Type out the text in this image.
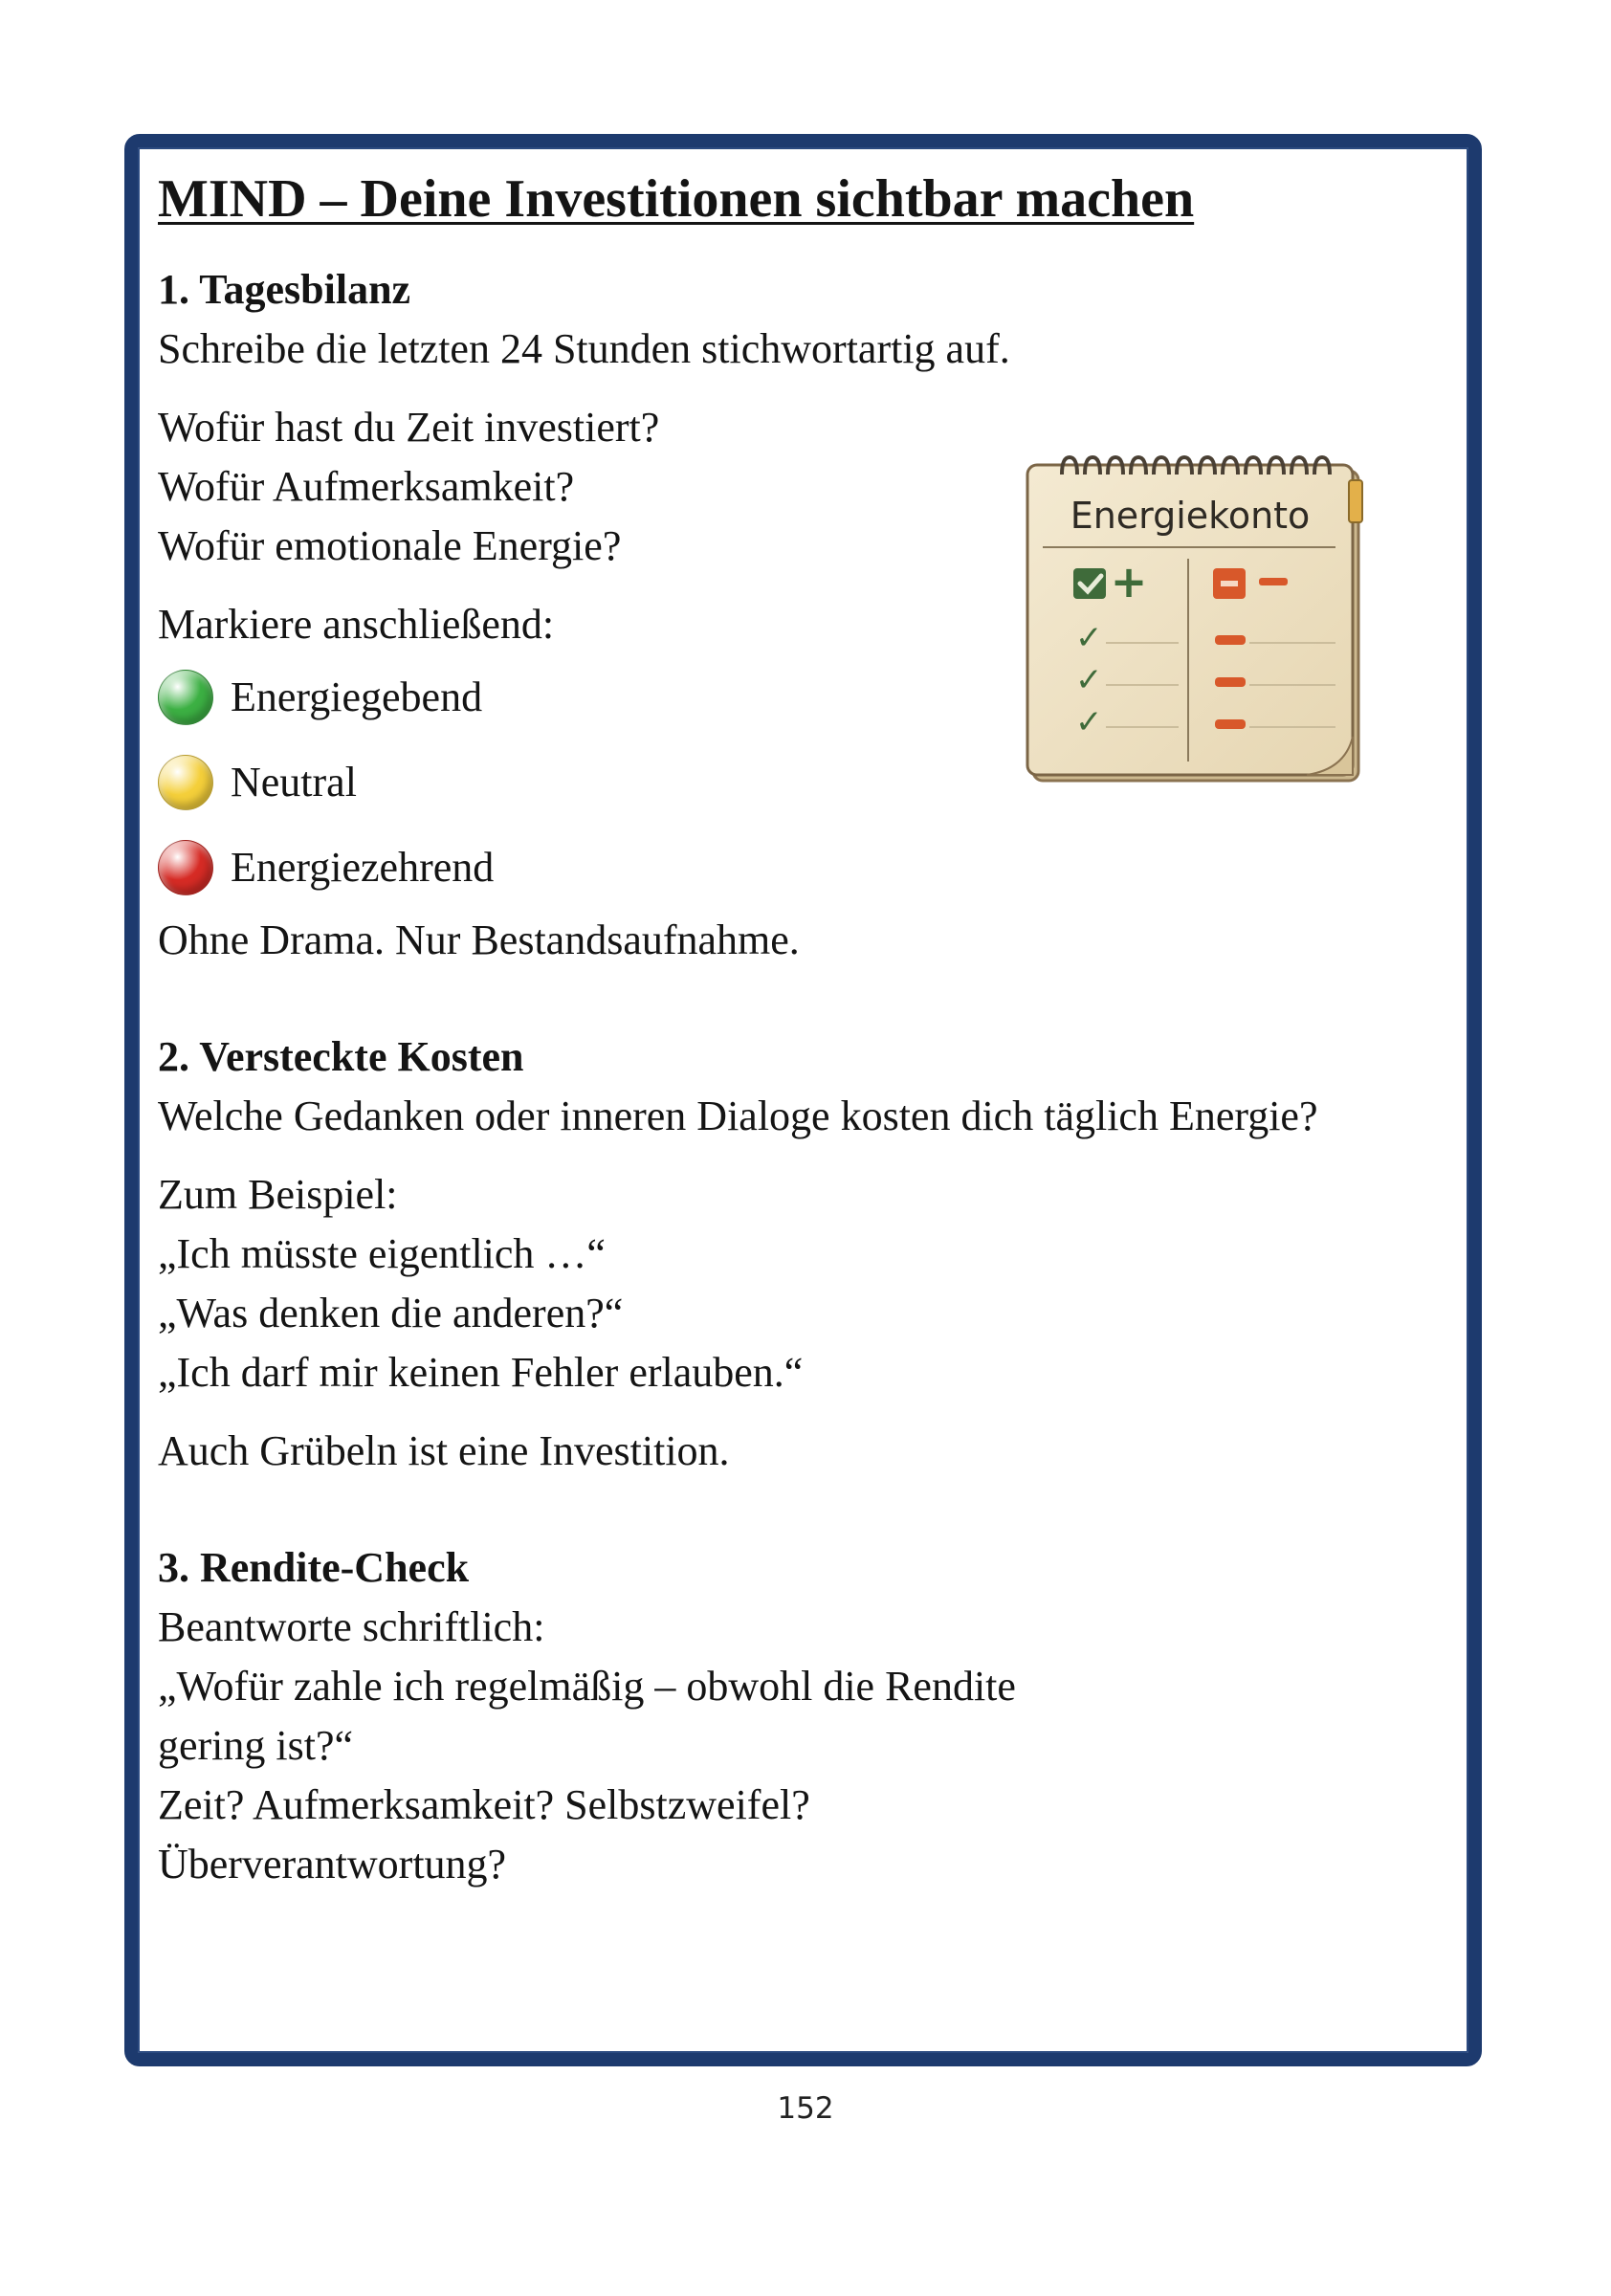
MIND – Deine Investitionen sichtbar machen

1. Tagesbilanz

Schreibe die letzten 24 Stunden stichwortartig auf.

Wofür hast du Zeit investiert?

Wofür Aufmerksamkeit?

Wofür emotionale Energie?

Markiere anschließend:

Energiegebend
Neutral
Energiezehrend

Ohne Drama. Nur Bestandsaufnahme.

2. Versteckte Kosten

Welche Gedanken oder inneren Dialoge kosten dich täglich Energie?

Zum Beispiel:

„Ich müsste eigentlich …“

„Was denken die anderen?“

„Ich darf mir keinen Fehler erlauben.“

Auch Grübeln ist eine Investition.

3. Rendite-Check

Beantworte schriftlich:

„Wofür zahle ich regelmäßig – obwohl die Rendite

gering ist?“

Zeit? Aufmerksamkeit? Selbstzweifel?

Überverantwortung?

Energiekonto
+
✓
✓
✓
152
